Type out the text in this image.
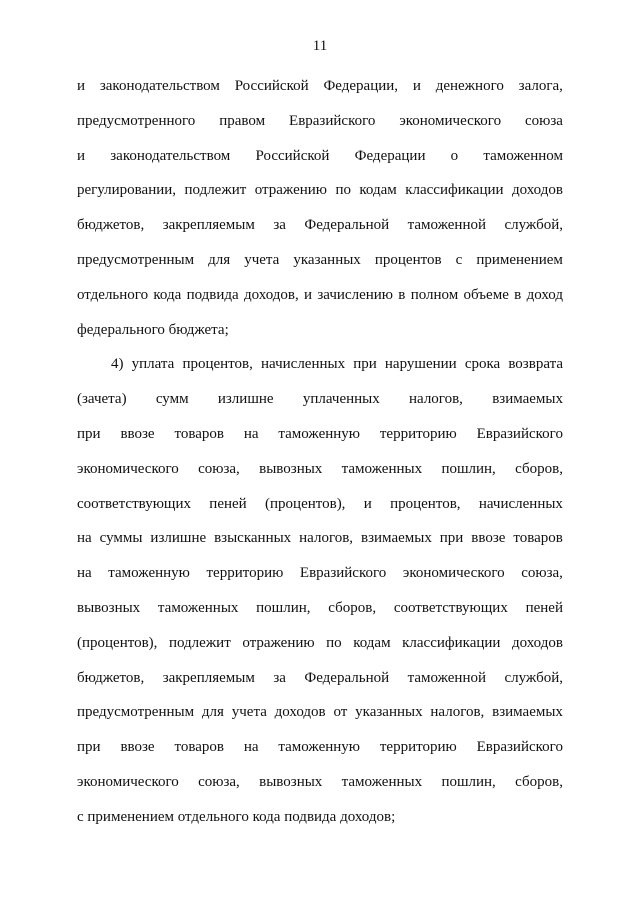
11
и законодательством Российской Федерации, и денежного залога,
предусмотренного правом Евразийского экономического союза
и законодательством Российской Федерации о таможенном
регулировании, подлежит отражению по кодам классификации доходов
бюджетов, закрепляемым за Федеральной таможенной службой,
предусмотренным для учета указанных процентов с применением
отдельного кода подвида доходов, и зачислению в полном объеме в доход
федерального бюджета;
4) уплата процентов, начисленных при нарушении срока возврата
(зачета) сумм излишне уплаченных налогов, взимаемых
при ввозе товаров на таможенную территорию Евразийского
экономического союза, вывозных таможенных пошлин, сборов,
соответствующих пеней (процентов), и процентов, начисленных
на суммы излишне взысканных налогов, взимаемых при ввозе товаров
на таможенную территорию Евразийского экономического союза,
вывозных таможенных пошлин, сборов, соответствующих пеней
(процентов), подлежит отражению по кодам классификации доходов
бюджетов, закрепляемым за Федеральной таможенной службой,
предусмотренным для учета доходов от указанных налогов, взимаемых
при ввозе товаров на таможенную территорию Евразийского
экономического союза, вывозных таможенных пошлин, сборов,
с применением отдельного кода подвида доходов;
